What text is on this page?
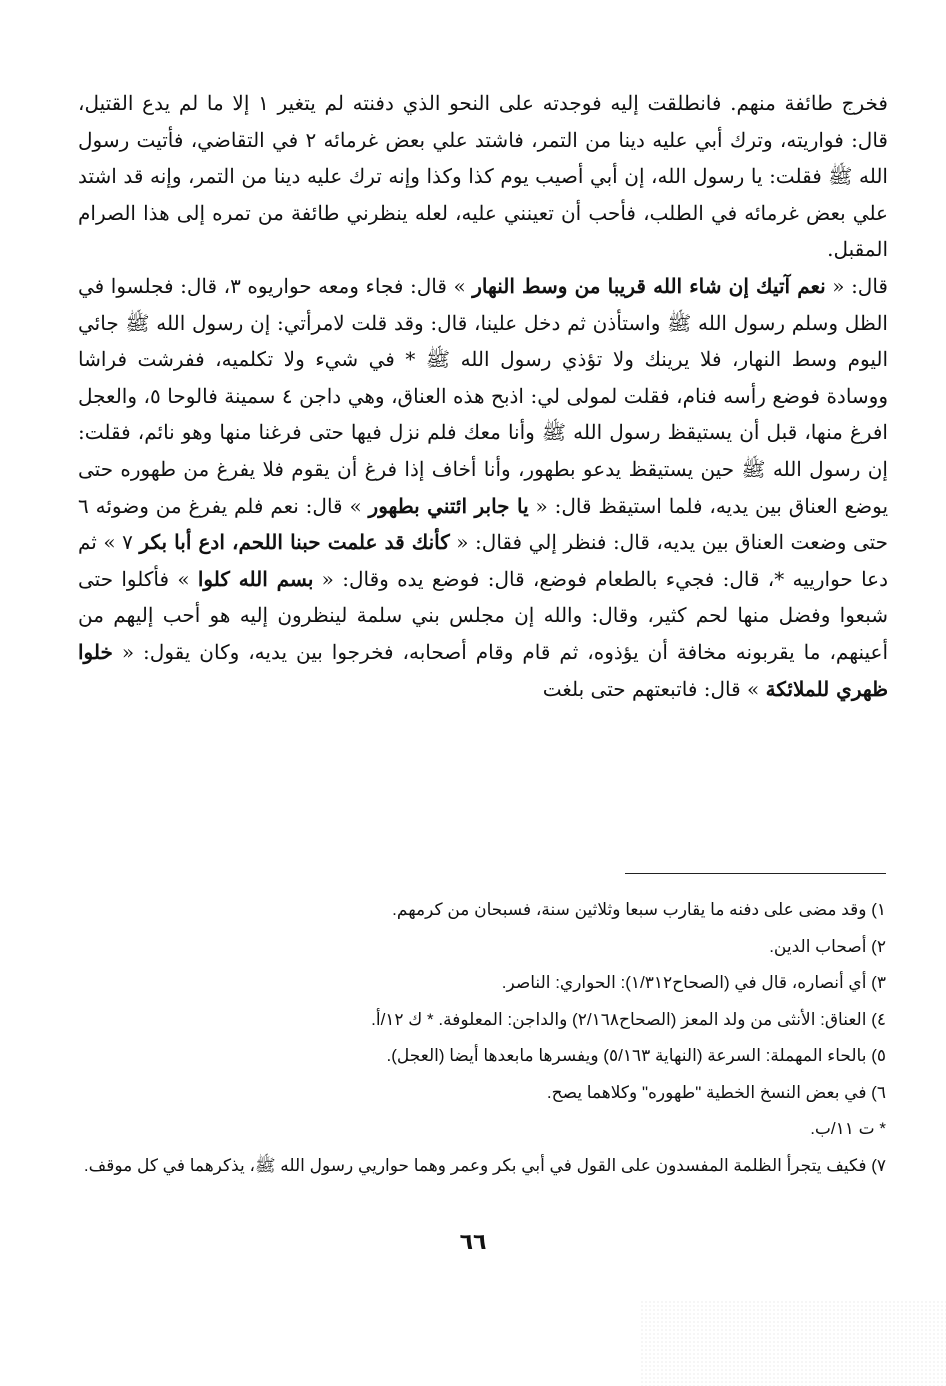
فخرج طائفة منهم. فانطلقت إليه فوجدته على النحو الذي دفنته لم يتغير ١ إلا ما لم يدع القتيل، قال: فواريته، وترك أبي عليه دينا من التمر، فاشتد علي بعض غرمائه ٢ في التقاضي، فأتيت رسول الله ﷺ فقلت: يا رسول الله، إن أبي أصيب يوم كذا وكذا وإنه ترك عليه دينا من التمر، وإنه قد اشتد علي بعض غرمائه في الطلب، فأحب أن تعينني عليه، لعله ينظرني طائفة من تمره إلى هذا الصرام المقبل.

قال: « نعم آتيك إن شاء الله قريبا من وسط النهار » قال: فجاء ومعه حواريوه ٣، قال: فجلسوا في الظل وسلم رسول الله ﷺ واستأذن ثم دخل علينا، قال: وقد قلت لامرأتي: إن رسول الله ﷺ جائي اليوم وسط النهار، فلا يرينك ولا تؤذي رسول الله ﷺ * في شيء ولا تكلميه، ففرشت فراشا ووسادة فوضع رأسه فنام، فقلت لمولى لي: اذبح هذه العناق، وهي داجن ٤ سمينة فالوحا ٥، والعجل افرغ منها، قبل أن يستيقظ رسول الله ﷺ وأنا معك فلم نزل فيها حتى فرغنا منها وهو نائم، فقلت: إن رسول الله ﷺ حين يستيقظ يدعو بطهور، وأنا أخاف إذا فرغ أن يقوم فلا يفرغ من طهوره حتى يوضع العناق بين يديه، فلما استيقظ قال: « يا جابر ائتني بطهور » قال: نعم فلم يفرغ من وضوئه ٦ حتى وضعت العناق بين يديه، قال: فنظر إلي فقال: « كأنك قد علمت حبنا اللحم، ادع أبا بكر ٧ » ثم دعا حوارييه *، قال: فجيء بالطعام فوضع، قال: فوضع يده وقال: « بسم الله كلوا » فأكلوا حتى شبعوا وفضل منها لحم كثير، وقال: والله إن مجلس بني سلمة لينظرون إليه هو أحب إليهم من أعينهم، ما يقربونه مخافة أن يؤذوه، ثم قام وقام أصحابه، فخرجوا بين يديه، وكان يقول: « خلوا ظهري للملائكة » قال: فاتبعتهم حتى بلغت

١) وقد مضى على دفنه ما يقارب سبعا وثلاثين سنة، فسبحان من كرمهم.

٢) أصحاب الدين.

٣) أي أنصاره، قال في (الصحاح١/٣١٢): الحواري: الناصر.

٤) العناق: الأنثى من ولد المعز (الصحاح٢/١٦٨) والداجن: المعلوفة. * ك ١٢/أ.

٥) بالحاء المهملة: السرعة (النهاية ٥/١٦٣) ويفسرها مابعدها أيضا (العجل).

٦) في بعض النسخ الخطية "طهوره" وكلاهما يصح.

* ت ١١/ب.

٧) فكيف يتجرأ الظلمة المفسدون على القول في أبي بكر وعمر وهما حواريي رسول الله ﷺ، يذكرهما في كل موقف.

٦٦
